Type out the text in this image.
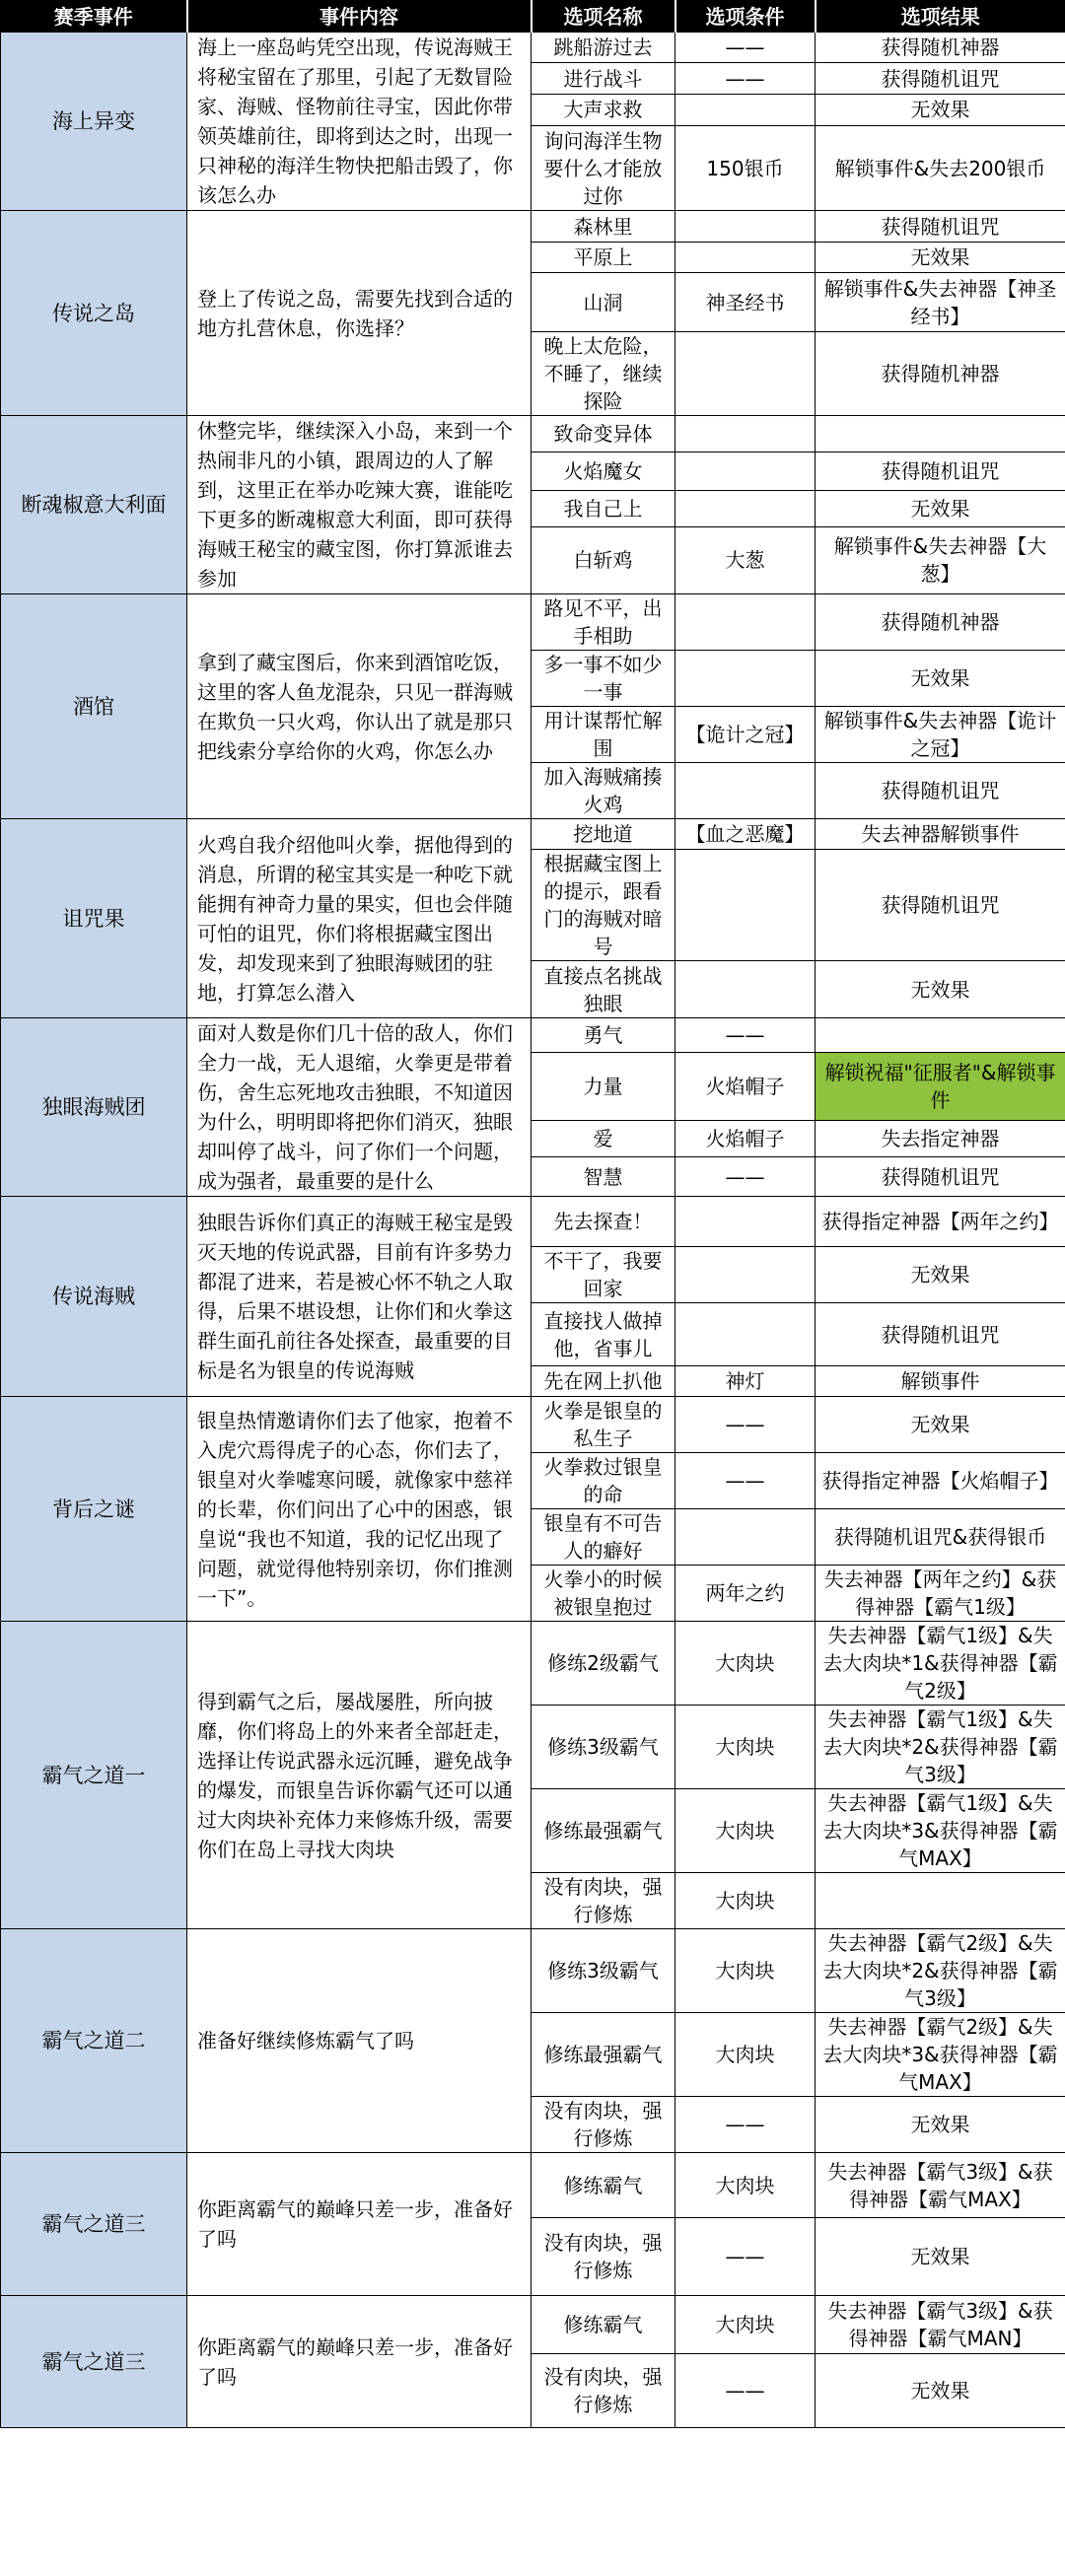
赛季事件	事件内容	选项名称	选项条件	选项结果
海上异变	海上一座岛屿凭空出现，传说海贼王将秘宝留在了那里，引起了无数冒险家、海贼、怪物前往寻宝，因此你带领英雄前往，即将到达之时，出现一只神秘的海洋生物快把船击毁了，你该怎么办	跳船游过去	——	获得随机神器
		进行战斗	——	获得随机诅咒
		大声求救		无效果
		询问海洋生物要什么才能放过你	150银币	解锁事件&失去200银币
传说之岛	登上了传说之岛，需要先找到合适的地方扎营休息，你选择？	森林里		获得随机诅咒
		平原上		无效果
		山洞	神圣经书	解锁事件&失去神器【神圣经书】
		晚上太危险，不睡了，继续探险		获得随机神器
断魂椒意大利面	休整完毕，继续深入小岛，来到一个热闹非凡的小镇，跟周边的人了解到，这里正在举办吃辣大赛，谁能吃下更多的断魂椒意大利面，即可获得海贼王秘宝的藏宝图，你打算派谁去参加	致命变异体		
		火焰魔女		获得随机诅咒
		我自己上		无效果
		白斩鸡	大葱	解锁事件&失去神器【大葱】
酒馆	拿到了藏宝图后，你来到酒馆吃饭，这里的客人鱼龙混杂，只见一群海贼在欺负一只火鸡，你认出了就是那只把线索分享给你的火鸡，你怎么办	路见不平，出手相助		获得随机神器
		多一事不如少一事		无效果
		用计谋帮忙解围	【诡计之冠】	解锁事件&失去神器【诡计之冠】
		加入海贼痛揍火鸡		获得随机诅咒
诅咒果	火鸡自我介绍他叫火拳，据他得到的消息，所谓的秘宝其实是一种吃下就能拥有神奇力量的果实，但也会伴随可怕的诅咒，你们将根据藏宝图出发，却发现来到了独眼海贼团的驻地，打算怎么潜入	挖地道	【血之恶魔】	失去神器解锁事件
		根据藏宝图上的提示，跟看门的海贼对暗号		获得随机诅咒
		直接点名挑战独眼		无效果
独眼海贼团	面对人数是你们几十倍的敌人，你们全力一战，无人退缩，火拳更是带着伤，舍生忘死地攻击独眼，不知道因为什么，明明即将把你们消灭，独眼却叫停了战斗，问了你们一个问题，成为强者，最重要的是什么	勇气	——	
		力量	火焰帽子	解锁祝福"征服者"&解锁事件
		爱	火焰帽子	失去指定神器
		智慧	——	获得随机诅咒
传说海贼	独眼告诉你们真正的海贼王秘宝是毁灭天地的传说武器，目前有许多势力都混了进来，若是被心怀不轨之人取得，后果不堪设想，让你们和火拳这群生面孔前往各处探查，最重要的目标是名为银皇的传说海贼	先去探查！		获得指定神器【两年之约】
		不干了，我要回家		无效果
		直接找人做掉他，省事儿		获得随机诅咒
		先在网上扒他	神灯	解锁事件
背后之谜	银皇热情邀请你们去了他家，抱着不入虎穴焉得虎子的心态，你们去了，银皇对火拳嘘寒问暖，就像家中慈祥的长辈，你们问出了心中的困惑，银皇说“我也不知道，我的记忆出现了问题，就觉得他特别亲切，你们推测一下”。	火拳是银皇的私生子	——	无效果
		火拳救过银皇的命	——	获得指定神器【火焰帽子】
		银皇有不可告人的癖好		获得随机诅咒&获得银币
		火拳小的时候被银皇抱过	两年之约	失去神器【两年之约】&获得神器【霸气1级】
霸气之道一	得到霸气之后，屡战屡胜，所向披靡，你们将岛上的外来者全部赶走，选择让传说武器永远沉睡，避免战争的爆发，而银皇告诉你霸气还可以通过大肉块补充体力来修炼升级，需要你们在岛上寻找大肉块	修练2级霸气	大肉块	失去神器【霸气1级】&失去大肉块*1&获得神器【霸气2级】
		修练3级霸气	大肉块	失去神器【霸气1级】&失去大肉块*2&获得神器【霸气3级】
		修练最强霸气	大肉块	失去神器【霸气1级】&失去大肉块*3&获得神器【霸气MAX】
		没有肉块，强行修炼	大肉块	
霸气之道二	准备好继续修炼霸气了吗	修练3级霸气	大肉块	失去神器【霸气2级】&失去大肉块*2&获得神器【霸气3级】
		修练最强霸气	大肉块	失去神器【霸气2级】&失去大肉块*3&获得神器【霸气MAX】
		没有肉块，强行修炼	——	无效果
霸气之道三	你距离霸气的巅峰只差一步，准备好了吗	修练霸气	大肉块	失去神器【霸气3级】&获得神器【霸气MAX】
		没有肉块，强行修炼	——	无效果
霸气之道三	你距离霸气的巅峰只差一步，准备好了吗	修练霸气	大肉块	失去神器【霸气3级】&获得神器【霸气MAN】
		没有肉块，强行修炼	——	无效果
